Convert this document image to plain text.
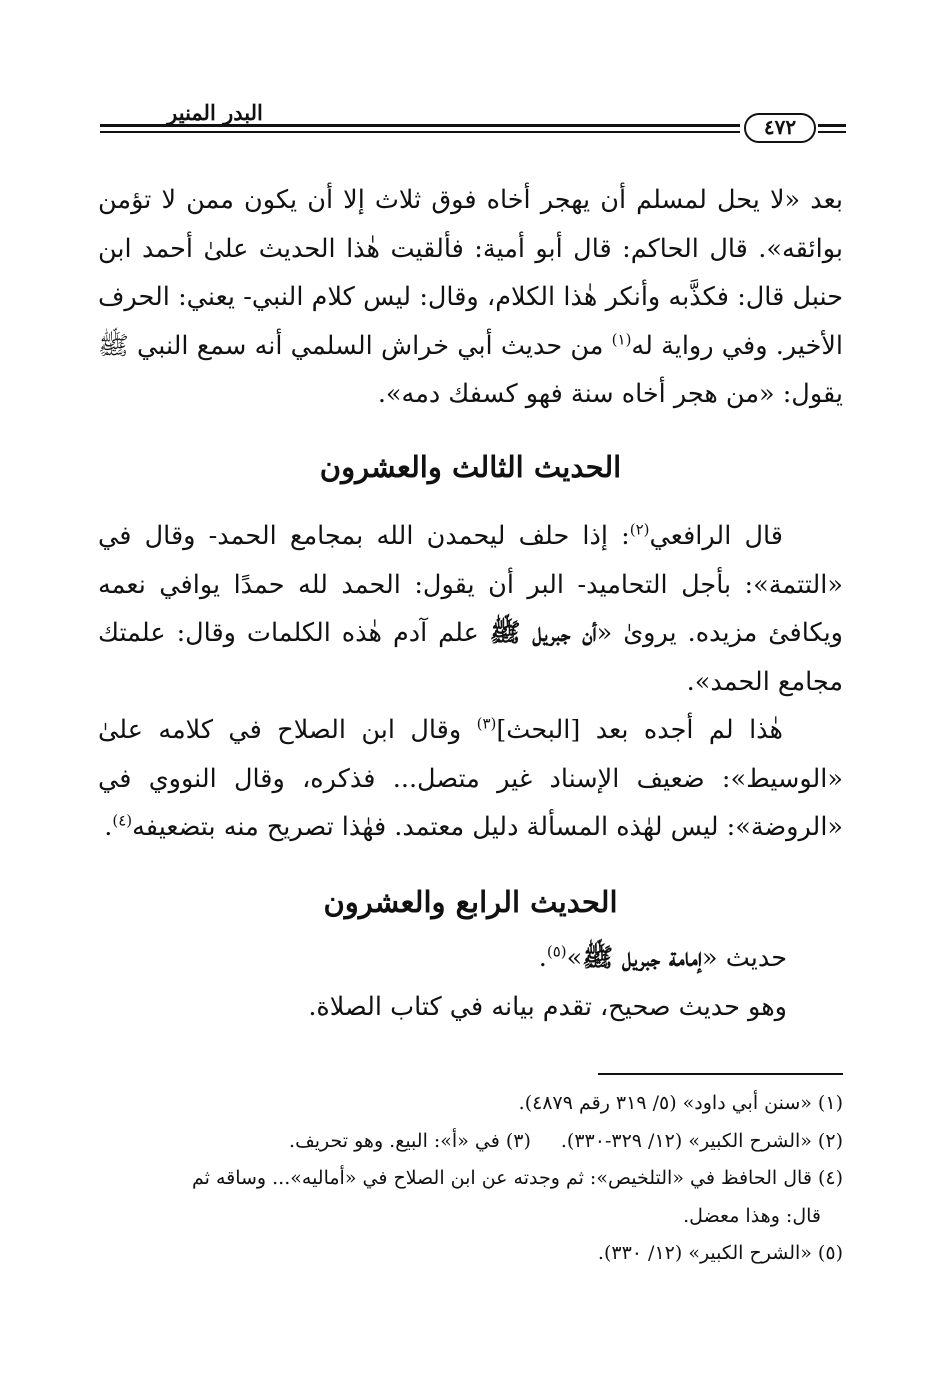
البدر المنير
٤٧٢

بعد «لا يحل لمسلم أن يهجر أخاه فوق ثلاث إلا أن يكون ممن لا تؤمن بوائقه». قال الحاكم: قال أبو أمية: فألقيت هٰذا الحديث علىٰ أحمد ابن حنبل قال: فكذَّبه وأنكر هٰذا الكلام، وقال: ليس كلام النبي- يعني: الحرف الأخير. وفي رواية له$^{(١)}$ من حديث أبي خراش السلمي أنه سمع النبي ﷺ يقول: «من هجر أخاه سنة فهو كسفك دمه».

الحديث الثالث والعشرون

قال الرافعي$^{(٢)}$: إذا حلف ليحمدن الله بمجامع الحمد- وقال في «التتمة»: بأجل التحاميد- البر أن يقول: الحمد لله حمدًا يوافي نعمه ويكافئ مزيده. يرویٰ «أن جبريل ﷺ علم آدم هٰذه الكلمات وقال: علمتك مجامع الحمد».

هٰذا لم أجده بعد [البحث]$^{(٣)}$ وقال ابن الصلاح في كلامه علىٰ «الوسيط»: ضعيف الإسناد غير متصل... فذكره، وقال النووي في «الروضة»: ليس لهٰذه المسألة دليل معتمد. فهٰذا تصريح منه بتضعيفه$^{(٤)}$.

الحديث الرابع والعشرون
حديث «إمامة جبريل ﷺ»$^{(٥)}$.
وهو حديث صحيح، تقدم بيانه في كتاب الصلاة.

(١) «سنن أبي داود» (٥/ ٣١٩ رقم ٤٨٧٩).

(٢) «الشرح الكبير» (١٢/ ٣٢٩-٣٣٠).(٣) في «أ»: البيع. وهو تحريف.

(٤) قال الحافظ في «التلخيص»: ثم وجدته عن ابن الصلاح في «أماليه»... وساقه ثم

قال: وهذا معضل.

(٥) «الشرح الكبير» (١٢/ ٣٣٠).
